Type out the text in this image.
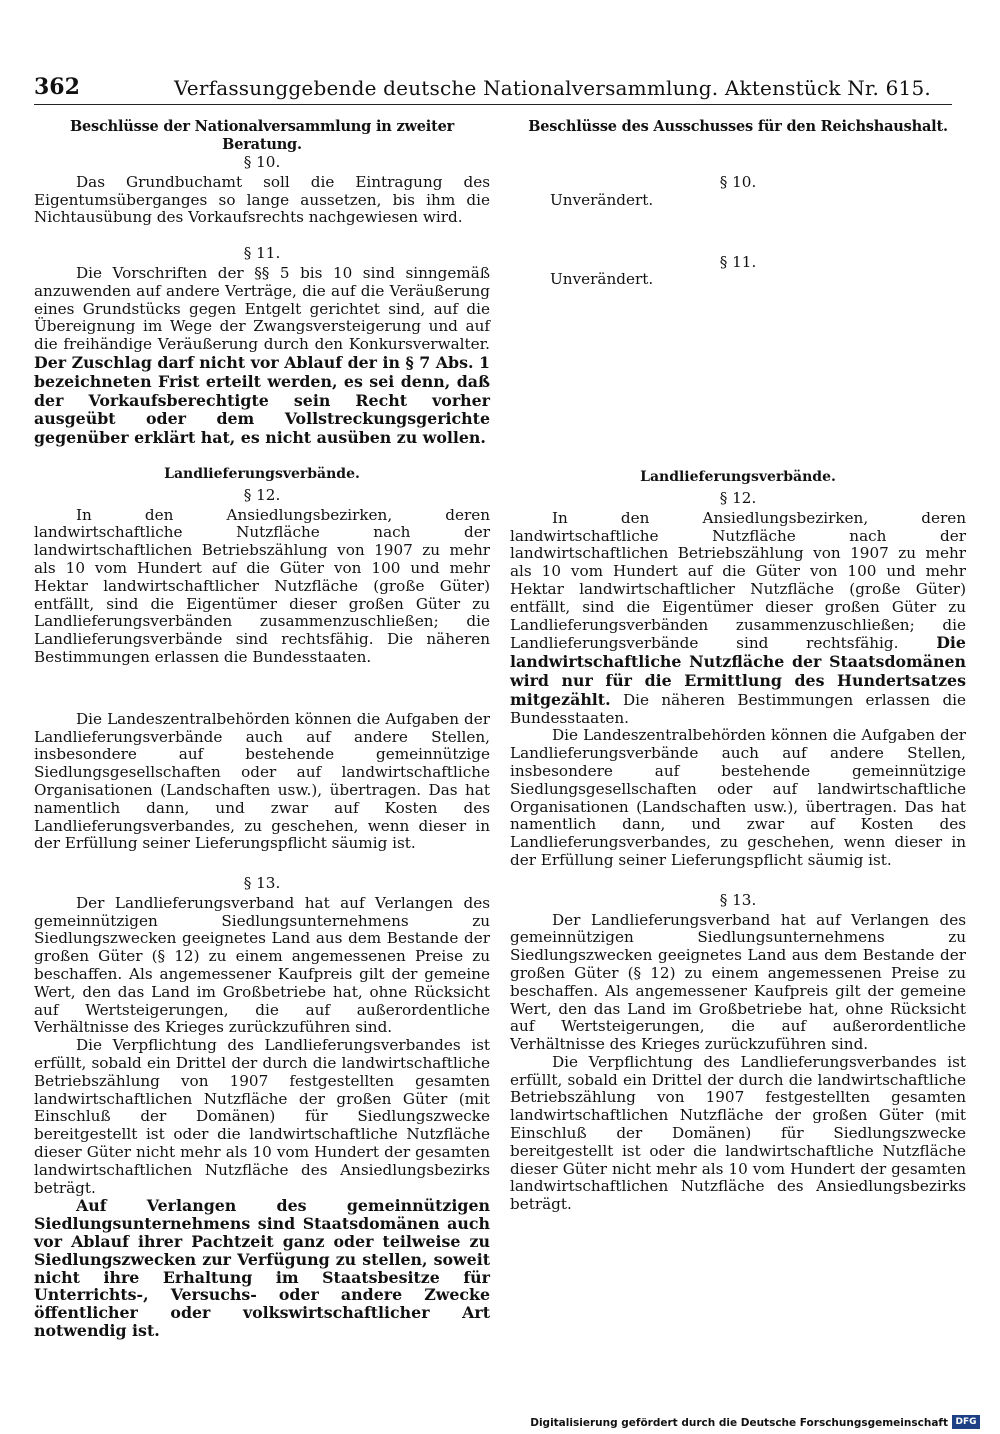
362	Verfassunggebende deutsche Nationalversammlung. Aktenstück Nr. 615.
Beschlüsse der Nationalversammlung in zweiter Beratung.
§ 10.

Das Grundbuchamt soll die Eintragung des Eigentumsüberganges so lange aussetzen, bis ihm die Nichtausübung des Vorkaufsrechts nachgewiesen wird.

§ 11.

Die Vorschriften der §§ 5 bis 10 sind sinngemäß anzuwenden auf andere Verträge, die auf die Veräußerung eines Grundstücks gegen Entgelt gerichtet sind, auf die Übereignung im Wege der Zwangsversteigerung und auf die freihändige Veräußerung durch den Konkursverwalter. Der Zuschlag darf nicht vor Ablauf der in § 7 Abs. 1 bezeichneten Frist erteilt werden, es sei denn, daß der Vorkaufsberechtigte sein Recht vorher ausgeübt oder dem Vollstreckungsgerichte gegenüber erklärt hat, es nicht ausüben zu wollen.

Landlieferungsverbände.
§ 12.

In den Ansiedlungsbezirken, deren landwirtschaftliche Nutzfläche nach der landwirtschaftlichen Betriebszählung von 1907 zu mehr als 10 vom Hundert auf die Güter von 100 und mehr Hektar landwirtschaftlicher Nutzfläche (große Güter) entfällt, sind die Eigentümer dieser großen Güter zu Landlieferungsverbänden zusammenzuschließen; die Landlieferungsverbände sind rechtsfähig. Die näheren Bestimmungen erlassen die Bundesstaaten.

Die Landeszentralbehörden können die Aufgaben der Landlieferungsverbände auch auf andere Stellen, insbesondere auf bestehende gemeinnützige Siedlungsgesellschaften oder auf landwirtschaftliche Organisationen (Landschaften usw.), übertragen. Das hat namentlich dann, und zwar auf Kosten des Landlieferungsverbandes, zu geschehen, wenn dieser in der Erfüllung seiner Lieferungspflicht säumig ist.

§ 13.

Der Landlieferungsverband hat auf Verlangen des gemeinnützigen Siedlungsunternehmens zu Siedlungszwecken geeignetes Land aus dem Bestande der großen Güter (§ 12) zu einem angemessenen Preise zu beschaffen. Als angemessener Kaufpreis gilt der gemeine Wert, den das Land im Großbetriebe hat, ohne Rücksicht auf Wertsteigerungen, die auf außerordentliche Verhältnisse des Krieges zurückzuführen sind.

Die Verpflichtung des Landlieferungsverbandes ist erfüllt, sobald ein Drittel der durch die landwirtschaftliche Betriebszählung von 1907 festgestellten gesamten landwirtschaftlichen Nutzfläche der großen Güter (mit Einschluß der Domänen) für Siedlungszwecke bereitgestellt ist oder die landwirtschaftliche Nutzfläche dieser Güter nicht mehr als 10 vom Hundert der gesamten landwirtschaftlichen Nutzfläche des Ansiedlungsbezirks beträgt.

Auf Verlangen des gemeinnützigen Siedlungsunternehmens sind Staatsdomänen auch vor Ablauf ihrer Pachtzeit ganz oder teilweise zu Siedlungszwecken zur Verfügung zu stellen, soweit nicht ihre Erhaltung im Staatsbesitze für Unterrichts-, Versuchs- oder andere Zwecke öffentlicher oder volkswirtschaftlicher Art notwendig ist.

Beschlüsse des Ausschusses für den Reichshaushalt.
§ 10.

Unverändert.

§ 11.

Unverändert.

Landlieferungsverbände.
§ 12.

In den Ansiedlungsbezirken, deren landwirtschaftliche Nutzfläche nach der landwirtschaftlichen Betriebszählung von 1907 zu mehr als 10 vom Hundert auf die Güter von 100 und mehr Hektar landwirtschaftlicher Nutzfläche (große Güter) entfällt, sind die Eigentümer dieser großen Güter zu Landlieferungsverbänden zusammenzuschließen; die Landlieferungsverbände sind rechtsfähig. Die landwirtschaftliche Nutzfläche der Staatsdomänen wird nur für die Ermittlung des Hundertsatzes mitgezählt. Die näheren Bestimmungen erlassen die Bundesstaaten.

Die Landeszentralbehörden können die Aufgaben der Landlieferungsverbände auch auf andere Stellen, insbesondere auf bestehende gemeinnützige Siedlungsgesellschaften oder auf landwirtschaftliche Organisationen (Landschaften usw.), übertragen. Das hat namentlich dann, und zwar auf Kosten des Landlieferungsverbandes, zu geschehen, wenn dieser in der Erfüllung seiner Lieferungspflicht säumig ist.

§ 13.

Der Landlieferungsverband hat auf Verlangen des gemeinnützigen Siedlungsunternehmens zu Siedlungszwecken geeignetes Land aus dem Bestande der großen Güter (§ 12) zu einem angemessenen Preise zu beschaffen. Als angemessener Kaufpreis gilt der gemeine Wert, den das Land im Großbetriebe hat, ohne Rücksicht auf Wertsteigerungen, die auf außerordentliche Verhältnisse des Krieges zurückzuführen sind.

Die Verpflichtung des Landlieferungsverbandes ist erfüllt, sobald ein Drittel der durch die landwirtschaftliche Betriebszählung von 1907 festgestellten gesamten landwirtschaftlichen Nutzfläche der großen Güter (mit Einschluß der Domänen) für Siedlungszwecke bereitgestellt ist oder die landwirtschaftliche Nutzfläche dieser Güter nicht mehr als 10 vom Hundert der gesamten landwirtschaftlichen Nutzfläche des Ansiedlungsbezirks beträgt.

Digitalisierung gefördert durch die Deutsche Forschungsgemeinschaft DFG
